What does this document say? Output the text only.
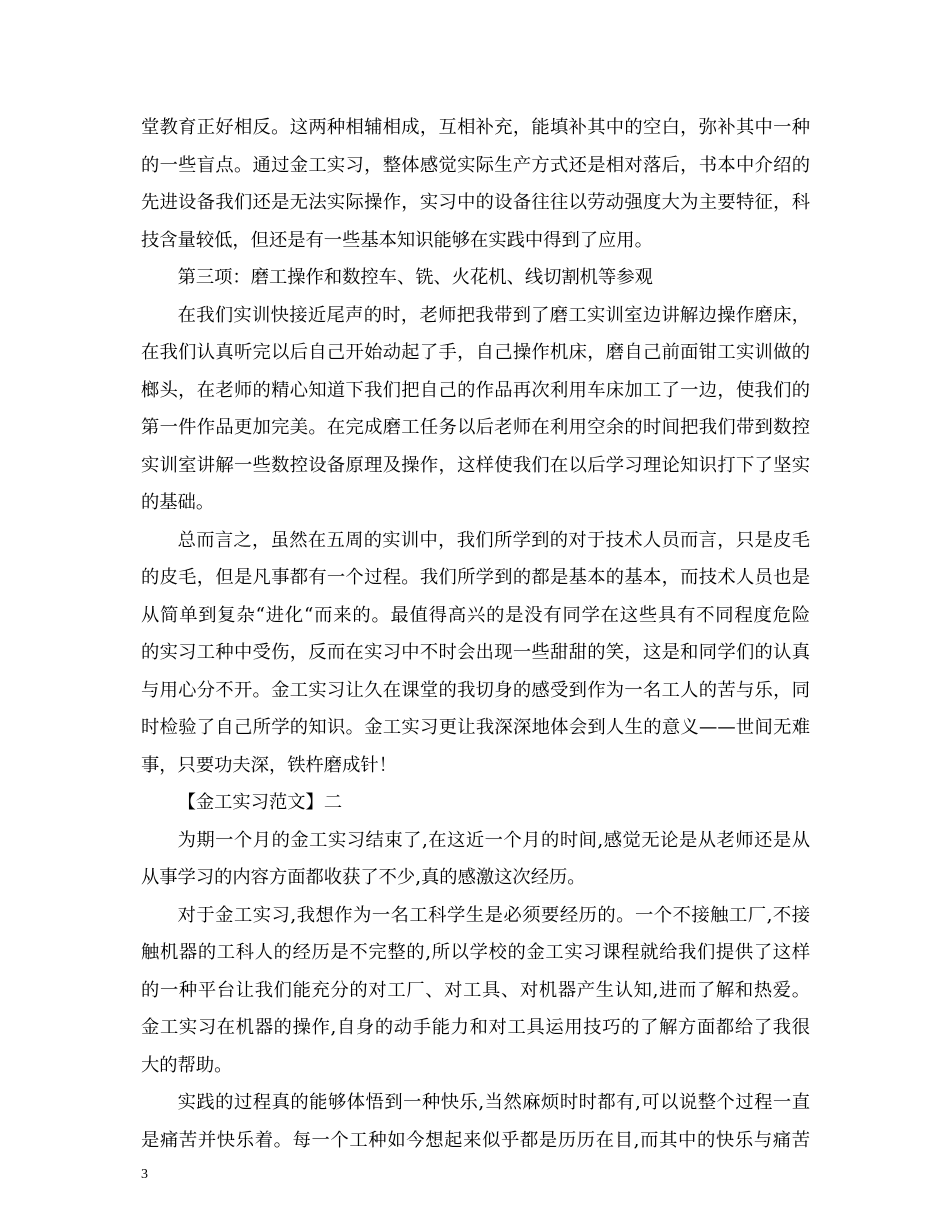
堂教育正好相反。这两种相辅相成，互相补充，能填补其中的空白，弥补其中一种
的一些盲点。通过金工实习，整体感觉实际生产方式还是相对落后，书本中介绍的
先进设备我们还是无法实际操作，实习中的设备往往以劳动强度大为主要特征，科
技含量较低，但还是有一些基本知识能够在实践中得到了应用。
第三项：磨工操作和数控车、铣、火花机、线切割机等参观
在我们实训快接近尾声的时，老师把我带到了磨工实训室边讲解边操作磨床，
在我们认真听完以后自己开始动起了手，自己操作机床，磨自己前面钳工实训做的
榔头，在老师的精心知道下我们把自己的作品再次利用车床加工了一边，使我们的
第一件作品更加完美。在完成磨工任务以后老师在利用空余的时间把我们带到数控
实训室讲解一些数控设备原理及操作，这样使我们在以后学习理论知识打下了坚实
的基础。
总而言之，虽然在五周的实训中，我们所学到的对于技术人员而言，只是皮毛
的皮毛，但是凡事都有一个过程。我们所学到的都是基本的基本，而技术人员也是
从简单到复杂“进化“而来的。最值得高兴的是没有同学在这些具有不同程度危险
的实习工种中受伤，反而在实习中不时会出现一些甜甜的笑，这是和同学们的认真
与用心分不开。金工实习让久在课堂的我切身的感受到作为一名工人的苦与乐，同
时检验了自己所学的知识。金工实习更让我深深地体会到人生的意义——世间无难
事，只要功夫深，铁杵磨成针！
【金工实习范文】二
为期一个月的金工实习结束了,在这近一个月的时间,感觉无论是从老师还是从
从事学习的内容方面都收获了不少,真的感激这次经历。
对于金工实习,我想作为一名工科学生是必须要经历的。一个不接触工厂,不接
触机器的工科人的经历是不完整的,所以学校的金工实习课程就给我们提供了这样
的一种平台让我们能充分的对工厂、对工具、对机器产生认知,进而了解和热爱。
金工实习在机器的操作,自身的动手能力和对工具运用技巧的了解方面都给了我很
大的帮助。
实践的过程真的能够体悟到一种快乐,当然麻烦时时都有,可以说整个过程一直
是痛苦并快乐着。每一个工种如今想起来似乎都是历历在目,而其中的快乐与痛苦
3
